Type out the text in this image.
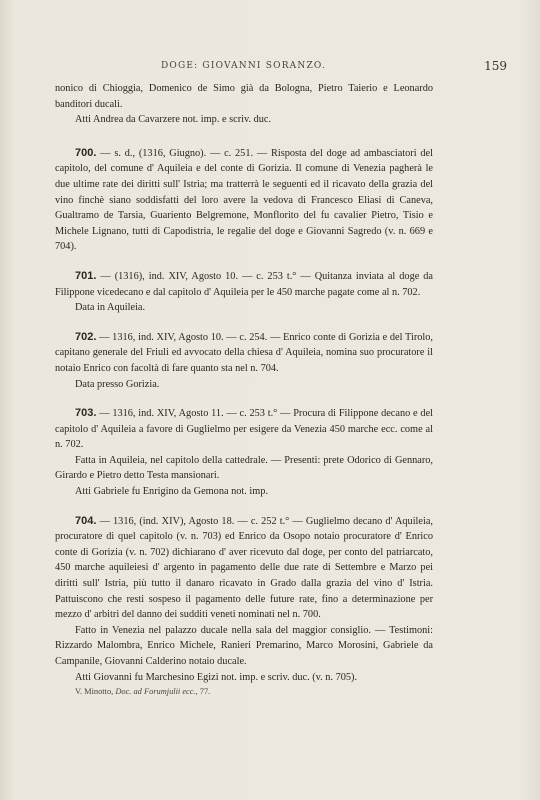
DOGE: GIOVANNI SORANZO.	159

nonico di Chioggia, Domenico de Simo già da Bologna, Pietro Taierio e Leonardo banditori ducali.

Atti Andrea da Cavarzere not. imp. e scriv. duc.

700. — s. d., (1316, Giugno). — c. 251. — Risposta del doge ad ambasciatori del capitolo, del comune d' Aquileia e del conte di Gorizia. Il comune di Venezia pagherà le due ultime rate dei diritti sull' Istria; ma tratterrà le seguenti ed il ricavato della grazia del vino finchè siano soddisfatti del loro avere la vedova di Francesco Eliasi di Caneva, Gualtramo de Tarsia, Guariento Belgremone, Monflorito del fu cavalier Pietro, Tisio e Michele Lignano, tutti di Capodistria, le regalie del doge e Giovanni Sagredo (v. n. 669 e 704).

701. — (1316), ind. XIV, Agosto 10. — c. 253 t.° — Quitanza inviata al doge da Filippone vicedecano e dal capitolo d' Aquileia per le 450 marche pagate come al n. 702.

Data in Aquileia.

702. — 1316, ind. XIV, Agosto 10. — c. 254. — Enrico conte di Gorizia e del Tirolo, capitano generale del Friuli ed avvocato della chiesa d' Aquileia, nomina suo procuratore il notaio Enrico con facoltà di fare quanto sta nel n. 704.

Data presso Gorizia.

703. — 1316, ind. XIV, Agosto 11. — c. 253 t.° — Procura di Filippone decano e del capitolo d' Aquileia a favore di Guglielmo per esigere da Venezia 450 marche ecc. come al n. 702.

Fatta in Aquileia, nel capitolo della cattedrale. — Presenti: prete Odorico di Gennaro, Girardo e Pietro detto Testa mansionari.

Atti Gabriele fu Enrigino da Gemona not. imp.

704. — 1316, (ind. XIV), Agosto 18. — c. 252 t.° — Guglielmo decano d' Aquileia, procuratore di quel capitolo (v. n. 703) ed Enrico da Osopo notaio procuratore d' Enrico conte di Gorizia (v. n. 702) dichiarano d' aver ricevuto dal doge, per conto del patriarcato, 450 marche aquileiesi d' argento in pagamento delle due rate di Settembre e Marzo pei diritti sull' Istria, più tutto il danaro ricavato in Grado dalla grazia del vino d' Istria. Pattuiscono che resti sospeso il pagamento delle future rate, fino a determinazione per mezzo d' arbitri del danno dei sudditi veneti nominati nel n. 700.

Fatto in Venezia nel palazzo ducale nella sala del maggior consiglio. — Testimoni: Rizzardo Malombra, Enrico Michele, Ranieri Premarino, Marco Morosini, Gabriele da Campanile, Giovanni Calderino notaio ducale.

Atti Giovanni fu Marchesino Egizi not. imp. e scriv. duc. (v. n. 705).

V. Minotto, Doc. ad Forumjulii ecc., 77.
